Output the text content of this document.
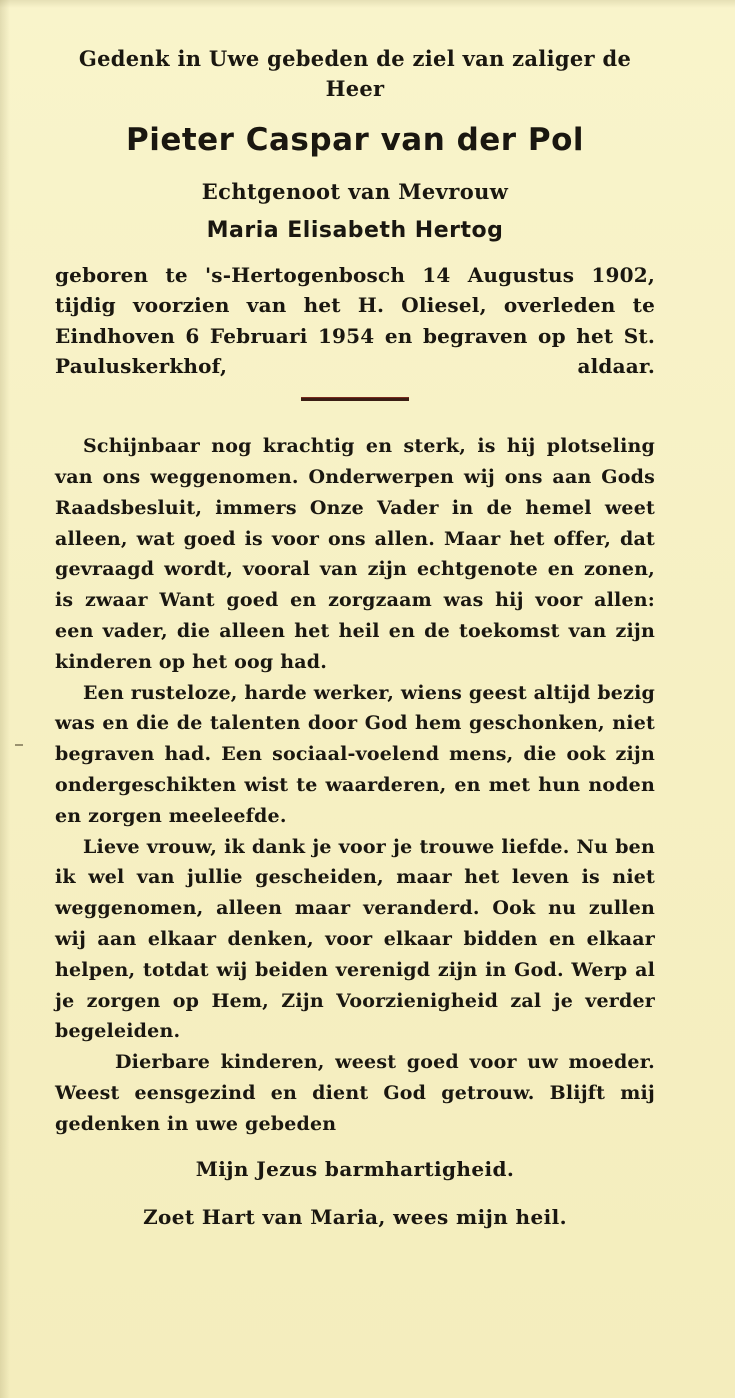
Gedenk in Uwe gebeden de ziel van zaliger de Heer

Pieter Caspar van der Pol

Echtgenoot van Mevrouw

Maria Elisabeth Hertog

geboren te 's-Hertogenbosch 14 Augustus 1902, tijdig voorzien van het H. Oliesel, overleden te Eindhoven 6 Februari 1954 en begraven op het St. Pauluskerkhof, aldaar.

Schijnbaar nog krachtig en sterk, is hij plotseling van ons weggenomen. Onderwerpen wij ons aan Gods Raadsbesluit, immers Onze Vader in de hemel weet alleen, wat goed is voor ons allen. Maar het offer, dat gevraagd wordt, vooral van zijn echtgenote en zonen, is zwaar Want goed en zorgzaam was hij voor allen: een vader, die alleen het heil en de toekomst van zijn kinderen op het oog had.

Een rusteloze, harde werker, wiens geest altijd bezig was en die de talenten door God hem geschonken, niet begraven had. Een sociaal-voelend mens, die ook zijn ondergeschikten wist te waarderen, en met hun noden en zorgen meeleefde.

Lieve vrouw, ik dank je voor je trouwe liefde. Nu ben ik wel van jullie gescheiden, maar het leven is niet weggenomen, alleen maar veranderd. Ook nu zullen wij aan elkaar denken, voor elkaar bidden en elkaar helpen, totdat wij beiden verenigd zijn in God. Werp al je zorgen op Hem, Zijn Voorzienigheid zal je verder begeleiden.

Dierbare kinderen, weest goed voor uw moeder. Weest eensgezind en dient God getrouw. Blijft mij gedenken in uwe gebeden

Mijn Jezus barmhartigheid.

Zoet Hart van Maria, wees mijn heil.
